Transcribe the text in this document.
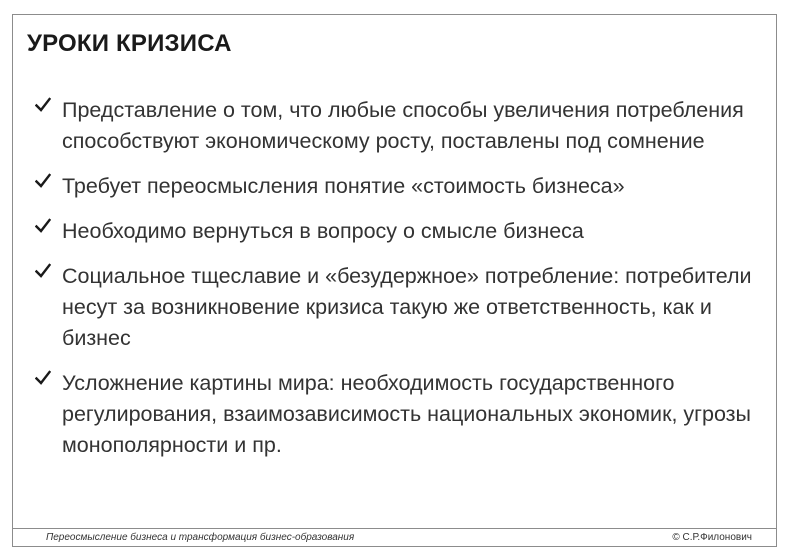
УРОКИ КРИЗИСА
Представление о том, что любые способы увеличения потребления способствуют экономическому росту, поставлены под сомнение
Требует переосмысления понятие «стоимость бизнеса»
Необходимо вернуться в вопросу о смысле бизнеса
Социальное тщеславие и «безудержное» потребление: потребители несут за возникновение кризиса такую же ответственность, как и бизнес
Усложнение картины мира: необходимость государственного регулирования, взаимозависимость национальных экономик, угрозы монополярности и пр.
Переосмысление бизнеса и трансформация бизнес-образования	© С.Р.Филонович
